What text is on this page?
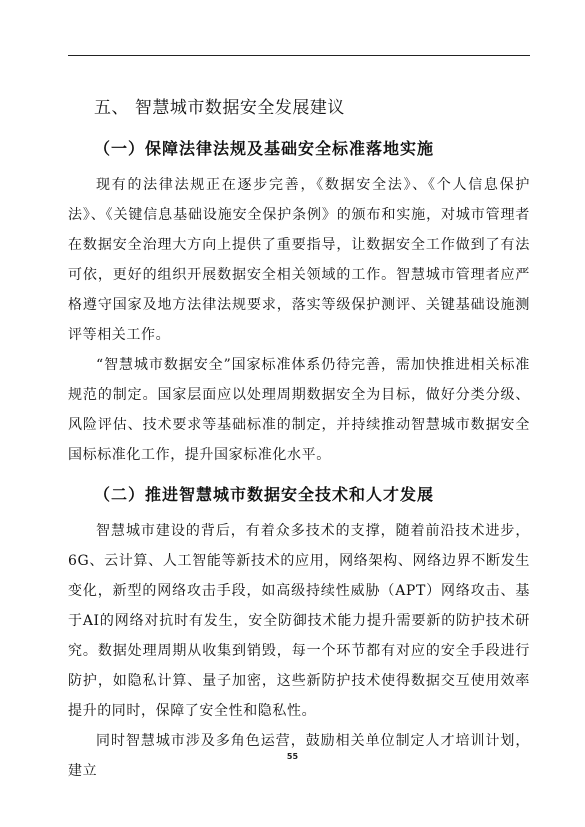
五、 智慧城市数据安全发展建议
（一）保障法律法规及基础安全标准落地实施

现有的法律法规正在逐步完善，《数据安全法》、《个人信息保护法》、《关键信息基础设施安全保护条例》的颁布和实施，对城市管理者在数据安全治理大方向上提供了重要指导，让数据安全工作做到了有法可依，更好的组织开展数据安全相关领域的工作。智慧城市管理者应严格遵守国家及地方法律法规要求，落实等级保护测评、关键基础设施测评等相关工作。

“智慧城市数据安全”国家标准体系仍待完善，需加快推进相关标准规范的制定。国家层面应以处理周期数据安全为目标，做好分类分级、风险评估、技术要求等基础标准的制定，并持续推动智慧城市数据安全国标标准化工作，提升国家标准化水平。

（二）推进智慧城市数据安全技术和人才发展

智慧城市建设的背后，有着众多技术的支撑，随着前沿技术进步，6G、云计算、人工智能等新技术的应用，网络架构、网络边界不断发生变化，新型的网络攻击手段，如高级持续性威胁（APT）网络攻击、基于AI的网络对抗时有发生，安全防御技术能力提升需要新的防护技术研究。数据处理周期从收集到销毁，每一个环节都有对应的安全手段进行防护，如隐私计算、量子加密，这些新防护技术使得数据交互使用效率提升的同时，保障了安全性和隐私性。

同时智慧城市涉及多角色运营，鼓励相关单位制定人才培训计划，建立

55
